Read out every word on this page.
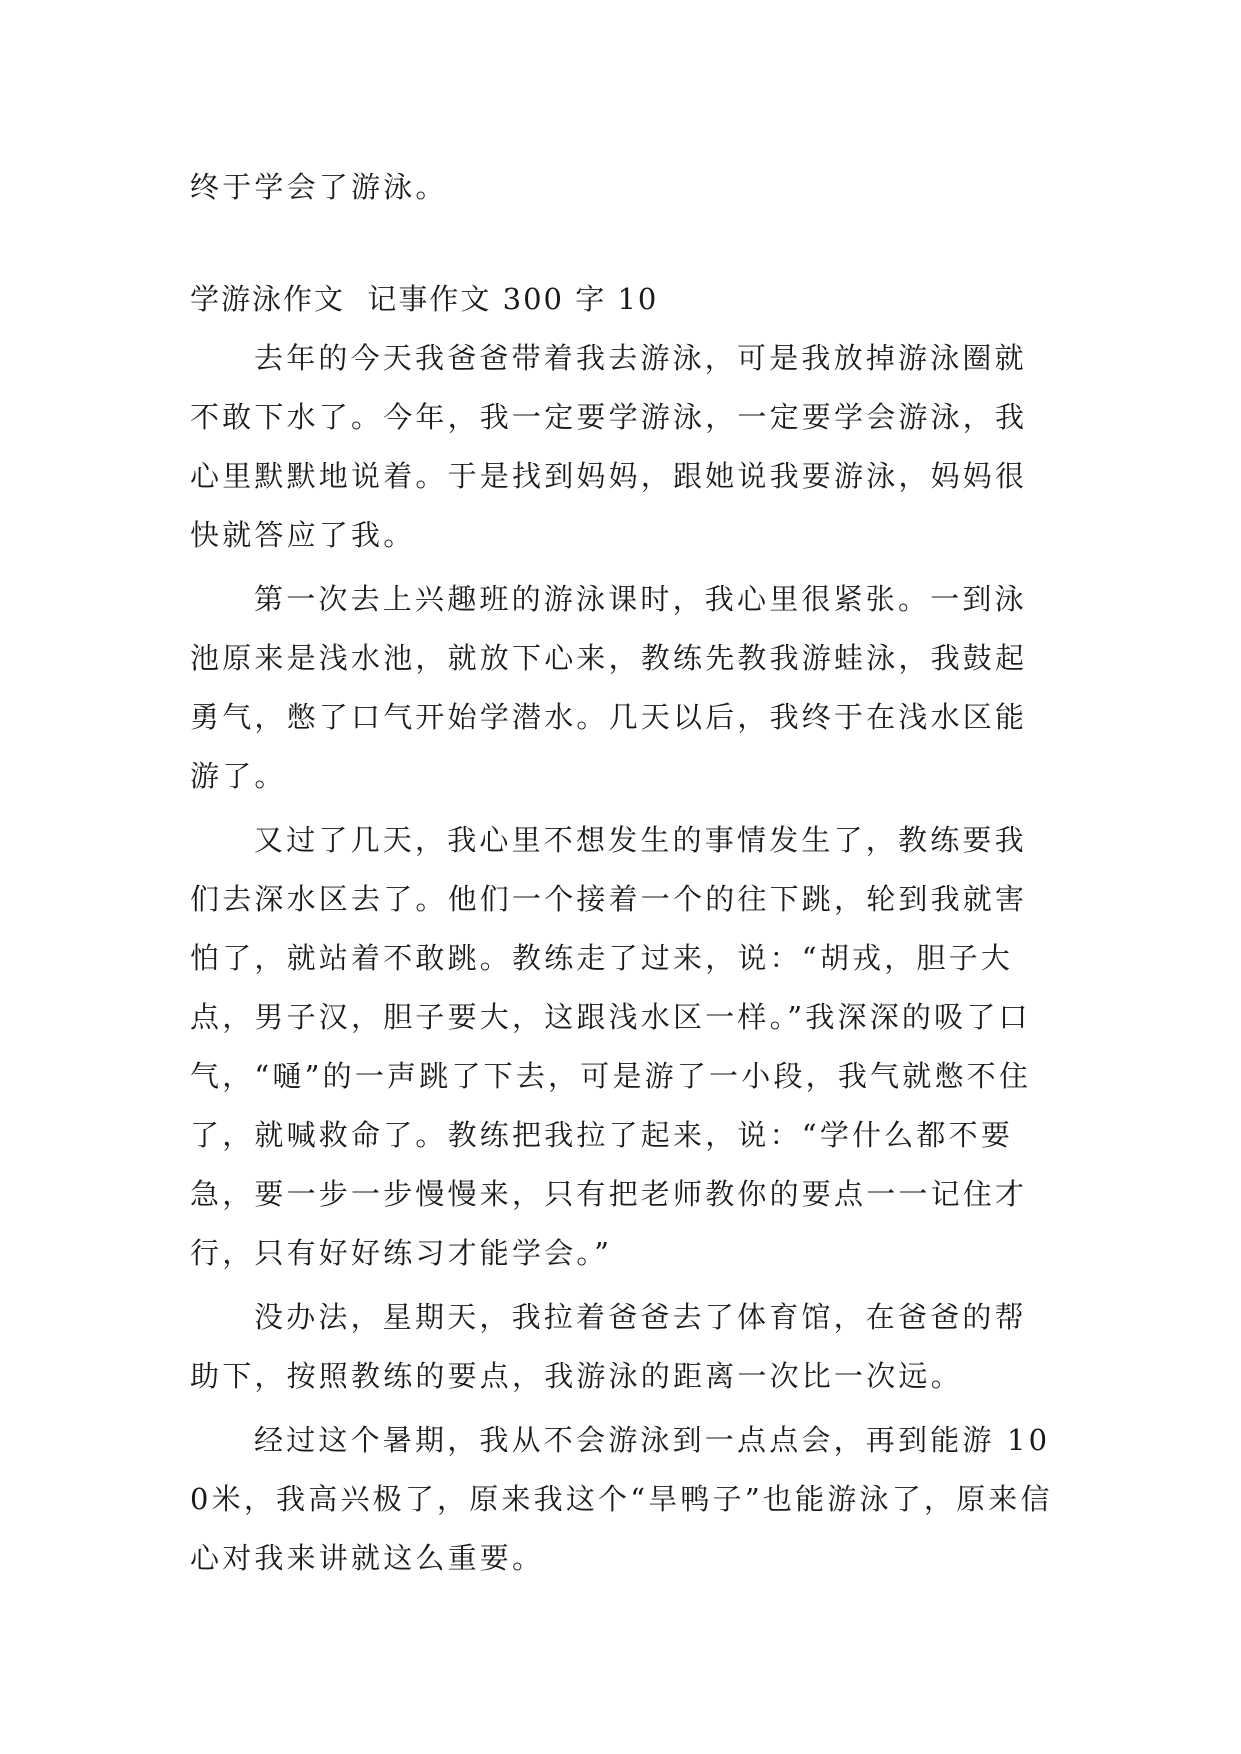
终于学会了游泳。
学游泳作文  记事作文 300 字 10

去年的今天我爸爸带着我去游泳，可是我放掉游泳圈就不敢下水了。今年，我一定要学游泳，一定要学会游泳，我心里默默地说着。于是找到妈妈，跟她说我要游泳，妈妈很快就答应了我。

第一次去上兴趣班的游泳课时，我心里很紧张。一到泳池原来是浅水池，就放下心来，教练先教我游蛙泳，我鼓起勇气，憋了口气开始学潜水。几天以后，我终于在浅水区能游了。

又过了几天，我心里不想发生的事情发生了，教练要我们去深水区去了。他们一个接着一个的往下跳，轮到我就害怕了，就站着不敢跳。教练走了过来，说：“胡戎，胆子大点，男子汉，胆子要大，这跟浅水区一样。”我深深的吸了口气，“嗵”的一声跳了下去，可是游了一小段，我气就憋不住了，就喊救命了。教练把我拉了起来，说：“学什么都不要急，要一步一步慢慢来，只有把老师教你的要点一一记住才行，只有好好练习才能学会。”

没办法，星期天，我拉着爸爸去了体育馆，在爸爸的帮助下，按照教练的要点，我游泳的距离一次比一次远。

经过这个暑期，我从不会游泳到一点点会，再到能游 100米，我高兴极了，原来我这个“旱鸭子”也能游泳了，原来信心对我来讲就这么重要。
